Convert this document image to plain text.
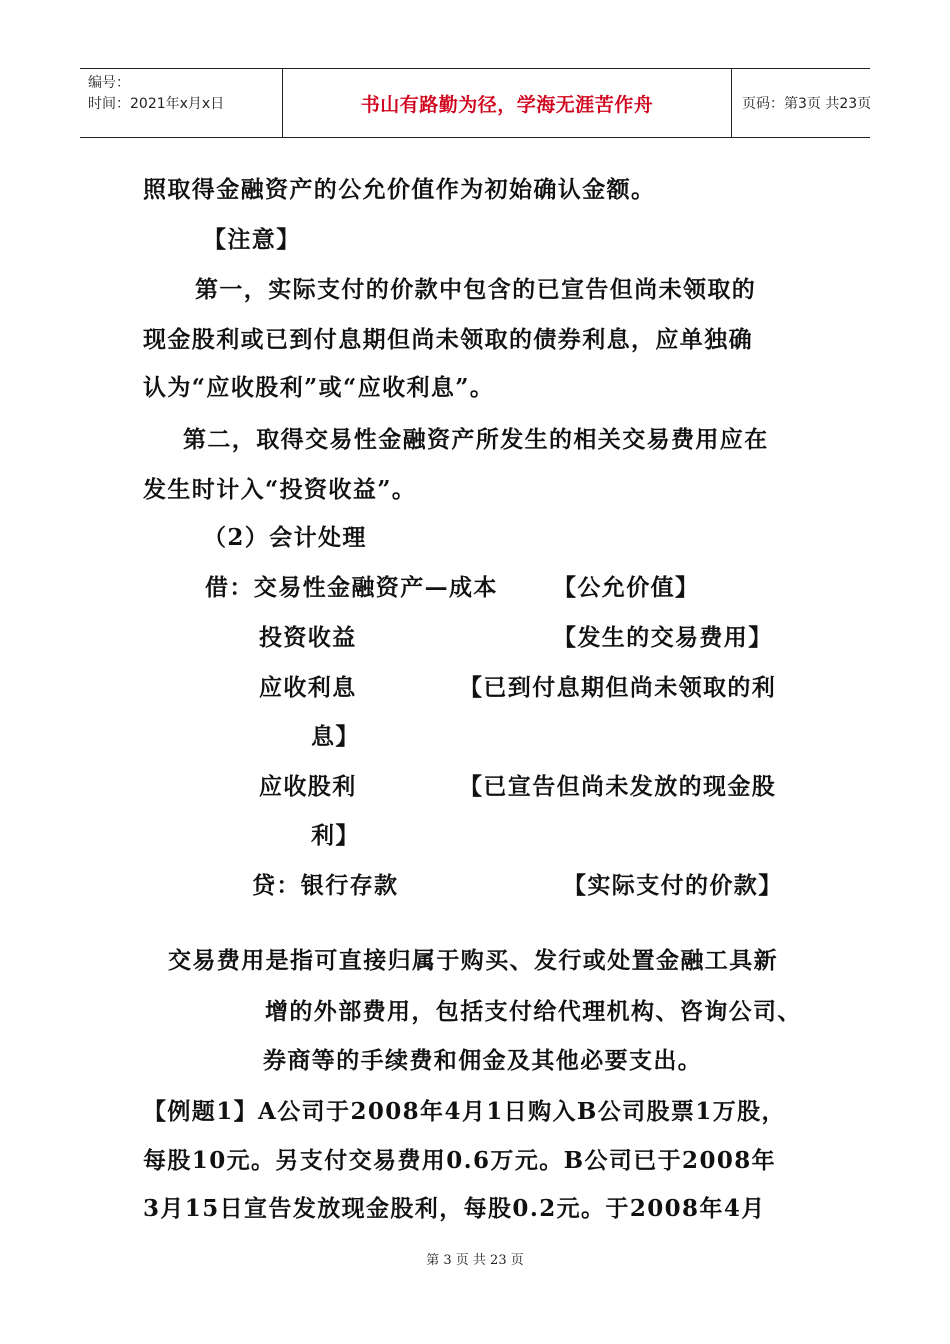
编号：
时间：2021年x月x日	书山有路勤为径，学海无涯苦作舟	页码：第3页 共23页
照取得金融资产的公允价值作为初始确认金额。
【注意】
第一，实际支付的价款中包含的已宣告但尚未领取的
现金股利或已到付息期但尚未领取的债券利息，应单独确
认为“应收股利”或“应收利息”。
第二，取得交易性金融资产所发生的相关交易费用应在
发生时计入“投资收益”。
（2）会计处理
借：交易性金融资产—成本 【公允价值】
投资收益	【发生的交易费用】
应收利息	【已到付息期但尚未领取的利
息】
应收股利	【已宣告但尚未发放的现金股
利】
贷：银行存款	【实际支付的价款】
交易费用是指可直接归属于购买、发行或处置金融工具新
增的外部费用，包括支付给代理机构、咨询公司、
券商等的手续费和佣金及其他必要支出。
【例题1】A公司于2008年4月1日购入B公司股票1万股，
每股10元。另支付交易费用0.6万元。B公司已于2008年
3月15日宣告发放现金股利，每股0.2元。于2008年4月
第 3 页 共 23 页
